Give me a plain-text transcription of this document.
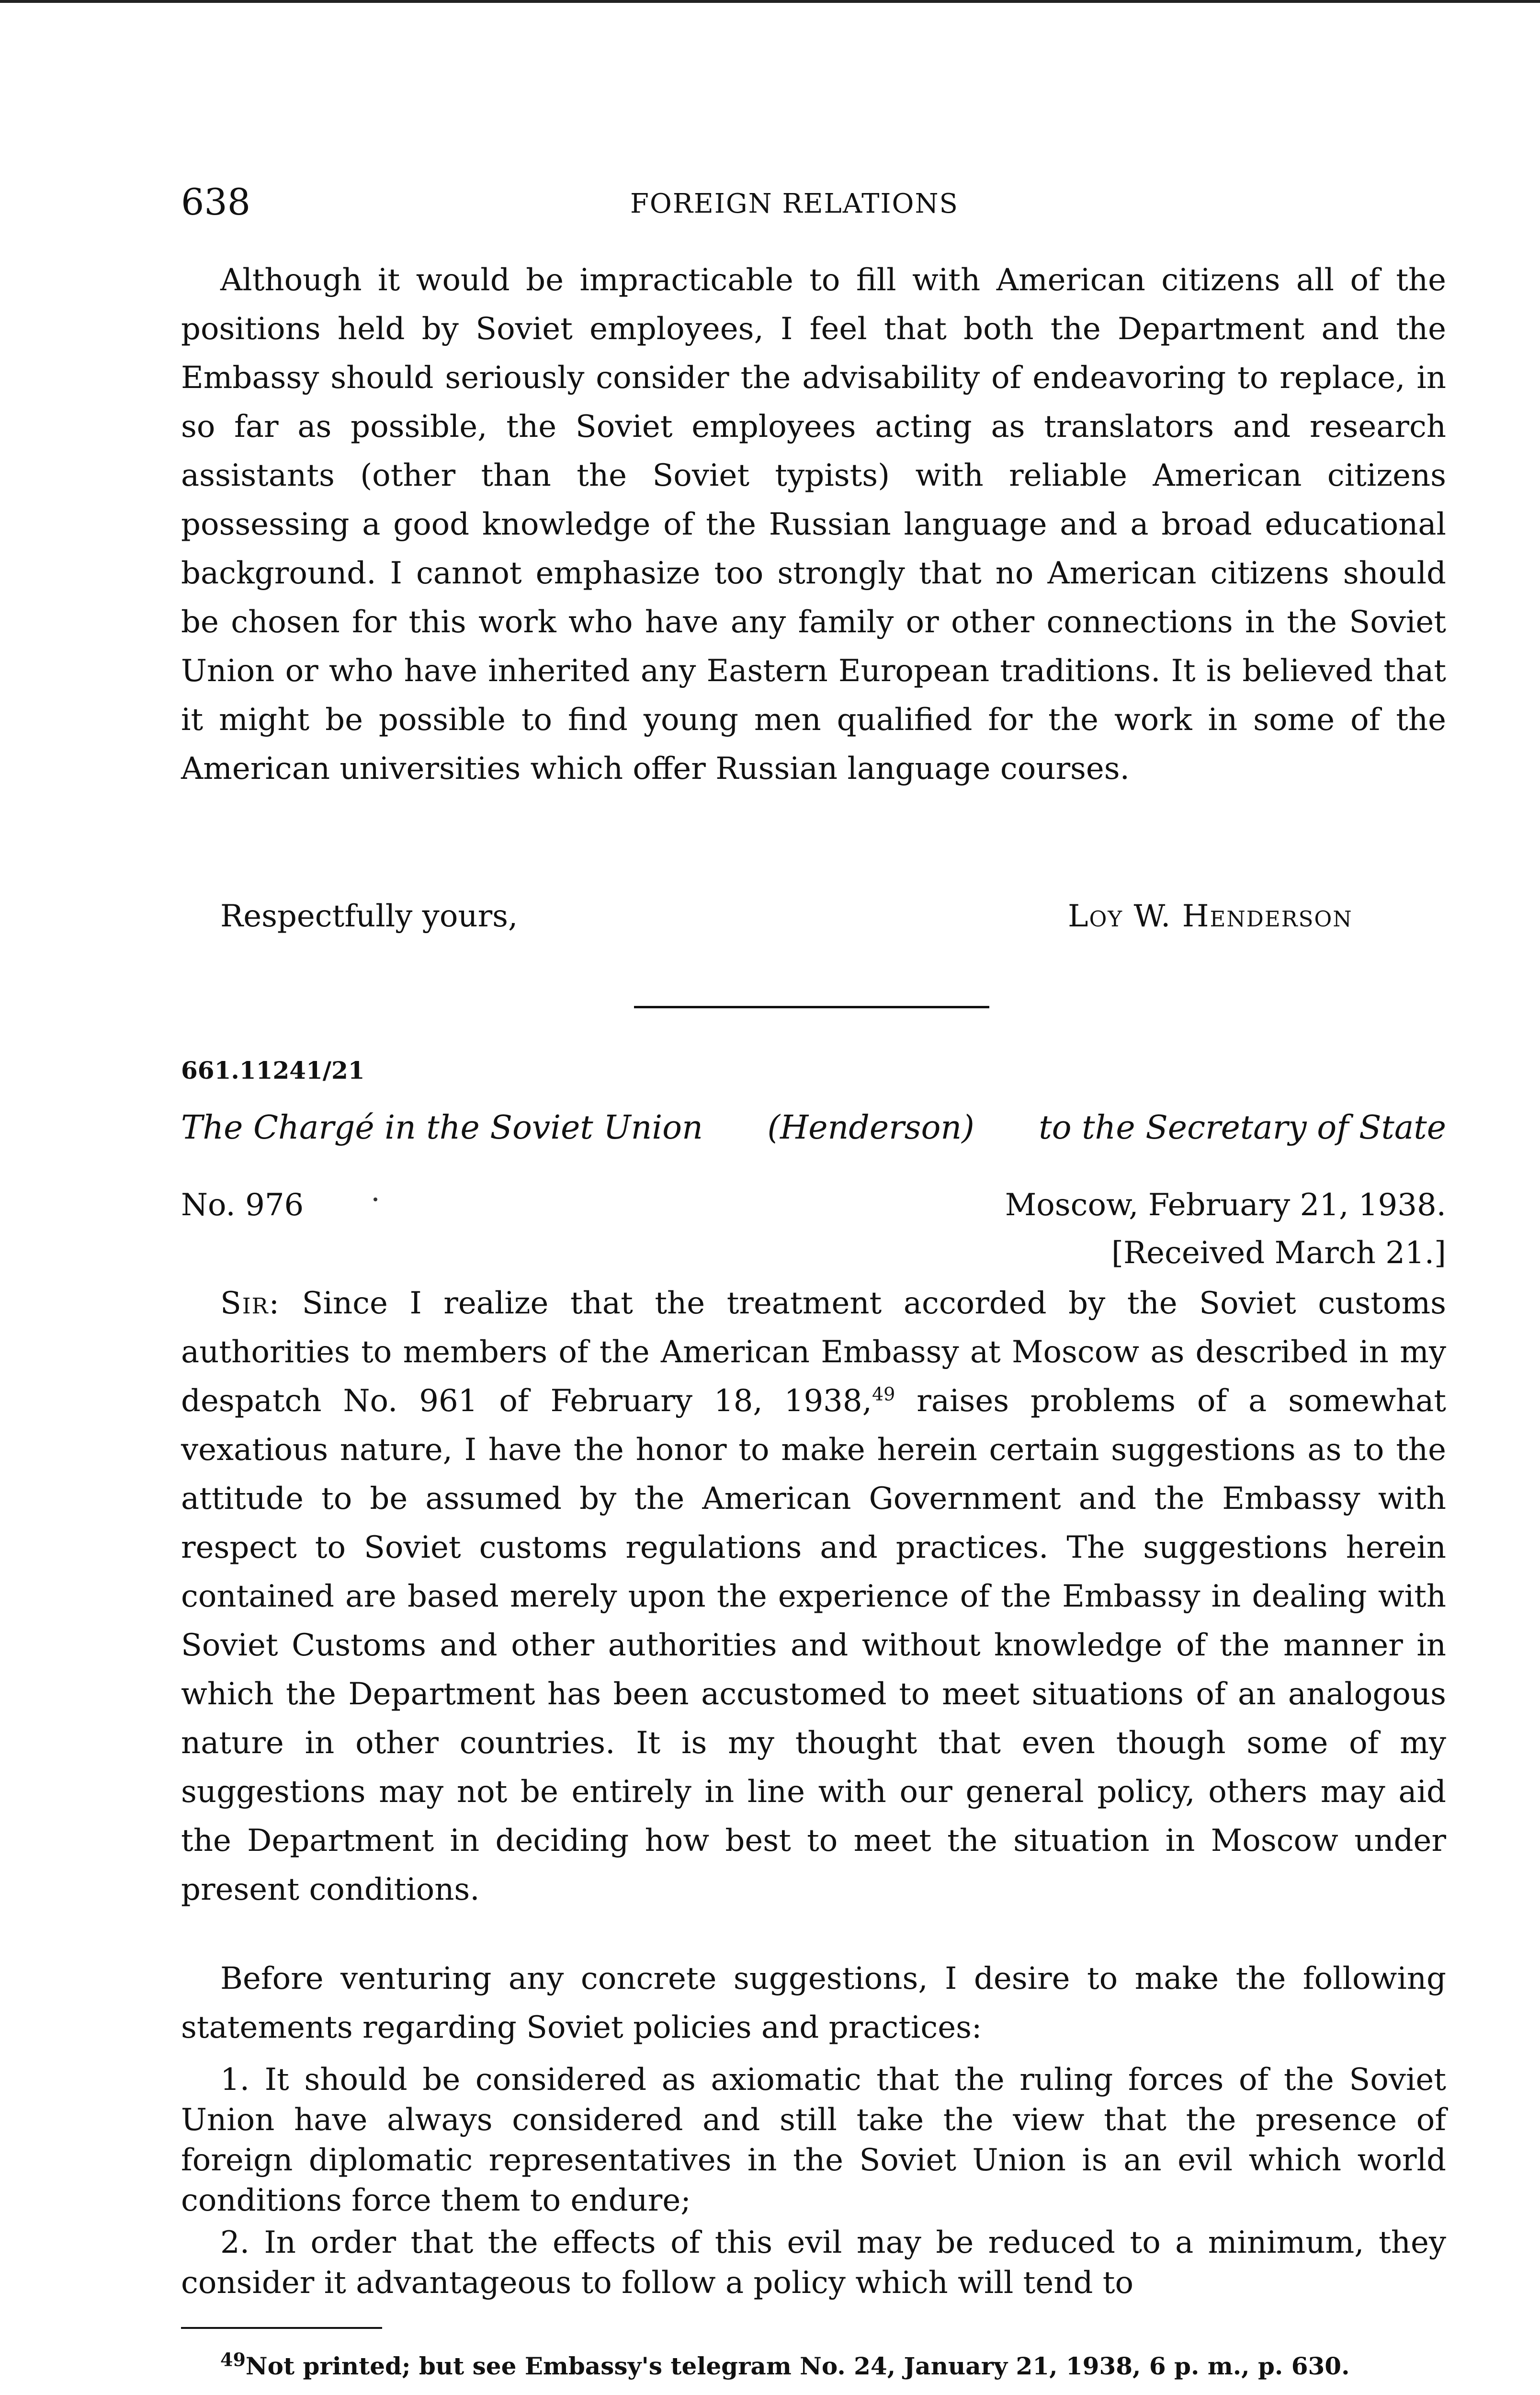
638	FOREIGN RELATIONS
Although it would be impracticable to fill with American citizens all of the positions held by Soviet employees, I feel that both the Department and the Embassy should seriously consider the advisability of endeavoring to replace, in so far as possible, the Soviet employees acting as translators and research assistants (other than the Soviet typists) with reliable American citizens possessing a good knowledge of the Russian language and a broad educational background. I cannot emphasize too strongly that no American citizens should be chosen for this work who have any family or other connections in the Soviet Union or who have inherited any Eastern European traditions. It is believed that it might be possible to find young men qualified for the work in some of the American universities which offer Russian language courses.
Respectfully yours,	Loy W. Henderson
661.11241/21
The Chargé in the Soviet Union (Henderson) to the Secretary of State
No. 976	Moscow, February 21, 1938.
[Received March 21.]
Sir: Since I realize that the treatment accorded by the Soviet customs authorities to members of the American Embassy at Moscow as described in my despatch No. 961 of February 18, 1938,49 raises problems of a somewhat vexatious nature, I have the honor to make herein certain suggestions as to the attitude to be assumed by the American Government and the Embassy with respect to Soviet customs regulations and practices. The suggestions herein contained are based merely upon the experience of the Embassy in dealing with Soviet Customs and other authorities and without knowledge of the manner in which the Department has been accustomed to meet situations of an analogous nature in other countries. It is my thought that even though some of my suggestions may not be entirely in line with our general policy, others may aid the Department in deciding how best to meet the situation in Moscow under present conditions.
Before venturing any concrete suggestions, I desire to make the following statements regarding Soviet policies and practices:
1. It should be considered as axiomatic that the ruling forces of the Soviet Union have always considered and still take the view that the presence of foreign diplomatic representatives in the Soviet Union is an evil which world conditions force them to endure;
2. In order that the effects of this evil may be reduced to a minimum, they consider it advantageous to follow a policy which will tend to
$^{49}$Not printed; but see Embassy's telegram No. 24, January 21, 1938, 6 p. m., p. 630.
